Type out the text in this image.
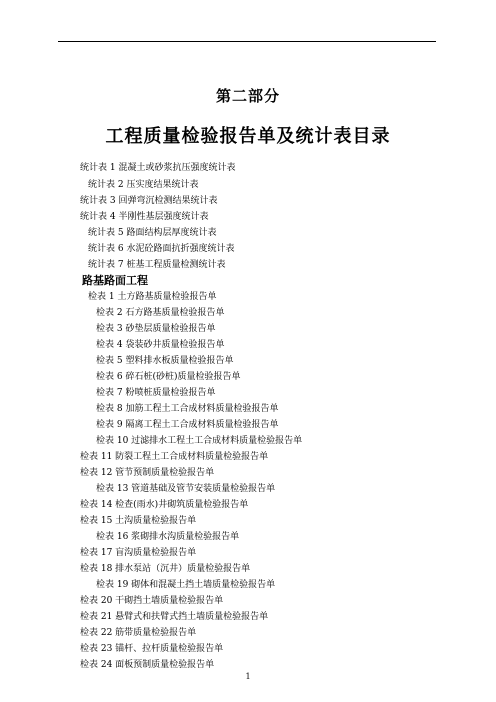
第二部分
工程质量检验报告单及统计表目录
统计表 1 混凝土或砂浆抗压强度统计表
统计表 2 压实度结果统计表
统计表 3 回弹弯沉检测结果统计表
统计表 4 半刚性基层强度统计表
统计表 5 路面结构层厚度统计表
统计表 6 水泥砼路面抗折强度统计表
统计表 7 桩基工程质量检测统计表
路基路面工程
检表 1 土方路基质量检验报告单
检表 2 石方路基质量检验报告单
检表 3 砂垫层质量检验报告单
检表 4 袋装砂井质量检验报告单
检表 5 塑料排水板质量检验报告单
检表 6 碎石桩(砂桩)质量检验报告单
检表 7 粉喷桩质量检验报告单
检表 8 加筋工程土工合成材料质量检验报告单
检表 9 隔离工程土工合成材料质量检验报告单
检表 10 过滤排水工程土工合成材料质量检验报告单
检表 11 防裂工程土工合成材料质量检验报告单
检表 12 管节预制质量检验报告单
检表 13 管道基础及管节安装质量检验报告单
检表 14 检查(雨水)井砌筑质量检验报告单
检表 15 土沟质量检验报告单
检表 16 浆砌排水沟质量检验报告单
检表 17 盲沟质量检验报告单
检表 18 排水泵站（沉井）质量检验报告单
检表 19 砌体和混凝土挡土墙质量检验报告单
检表 20 干砌挡土墙质量检验报告单
检表 21 悬臂式和扶臂式挡土墙质量检验报告单
检表 22 筋带质量检验报告单
检表 23 锚杆、拉杆质量检验报告单
检表 24 面板预制质量检验报告单
1
